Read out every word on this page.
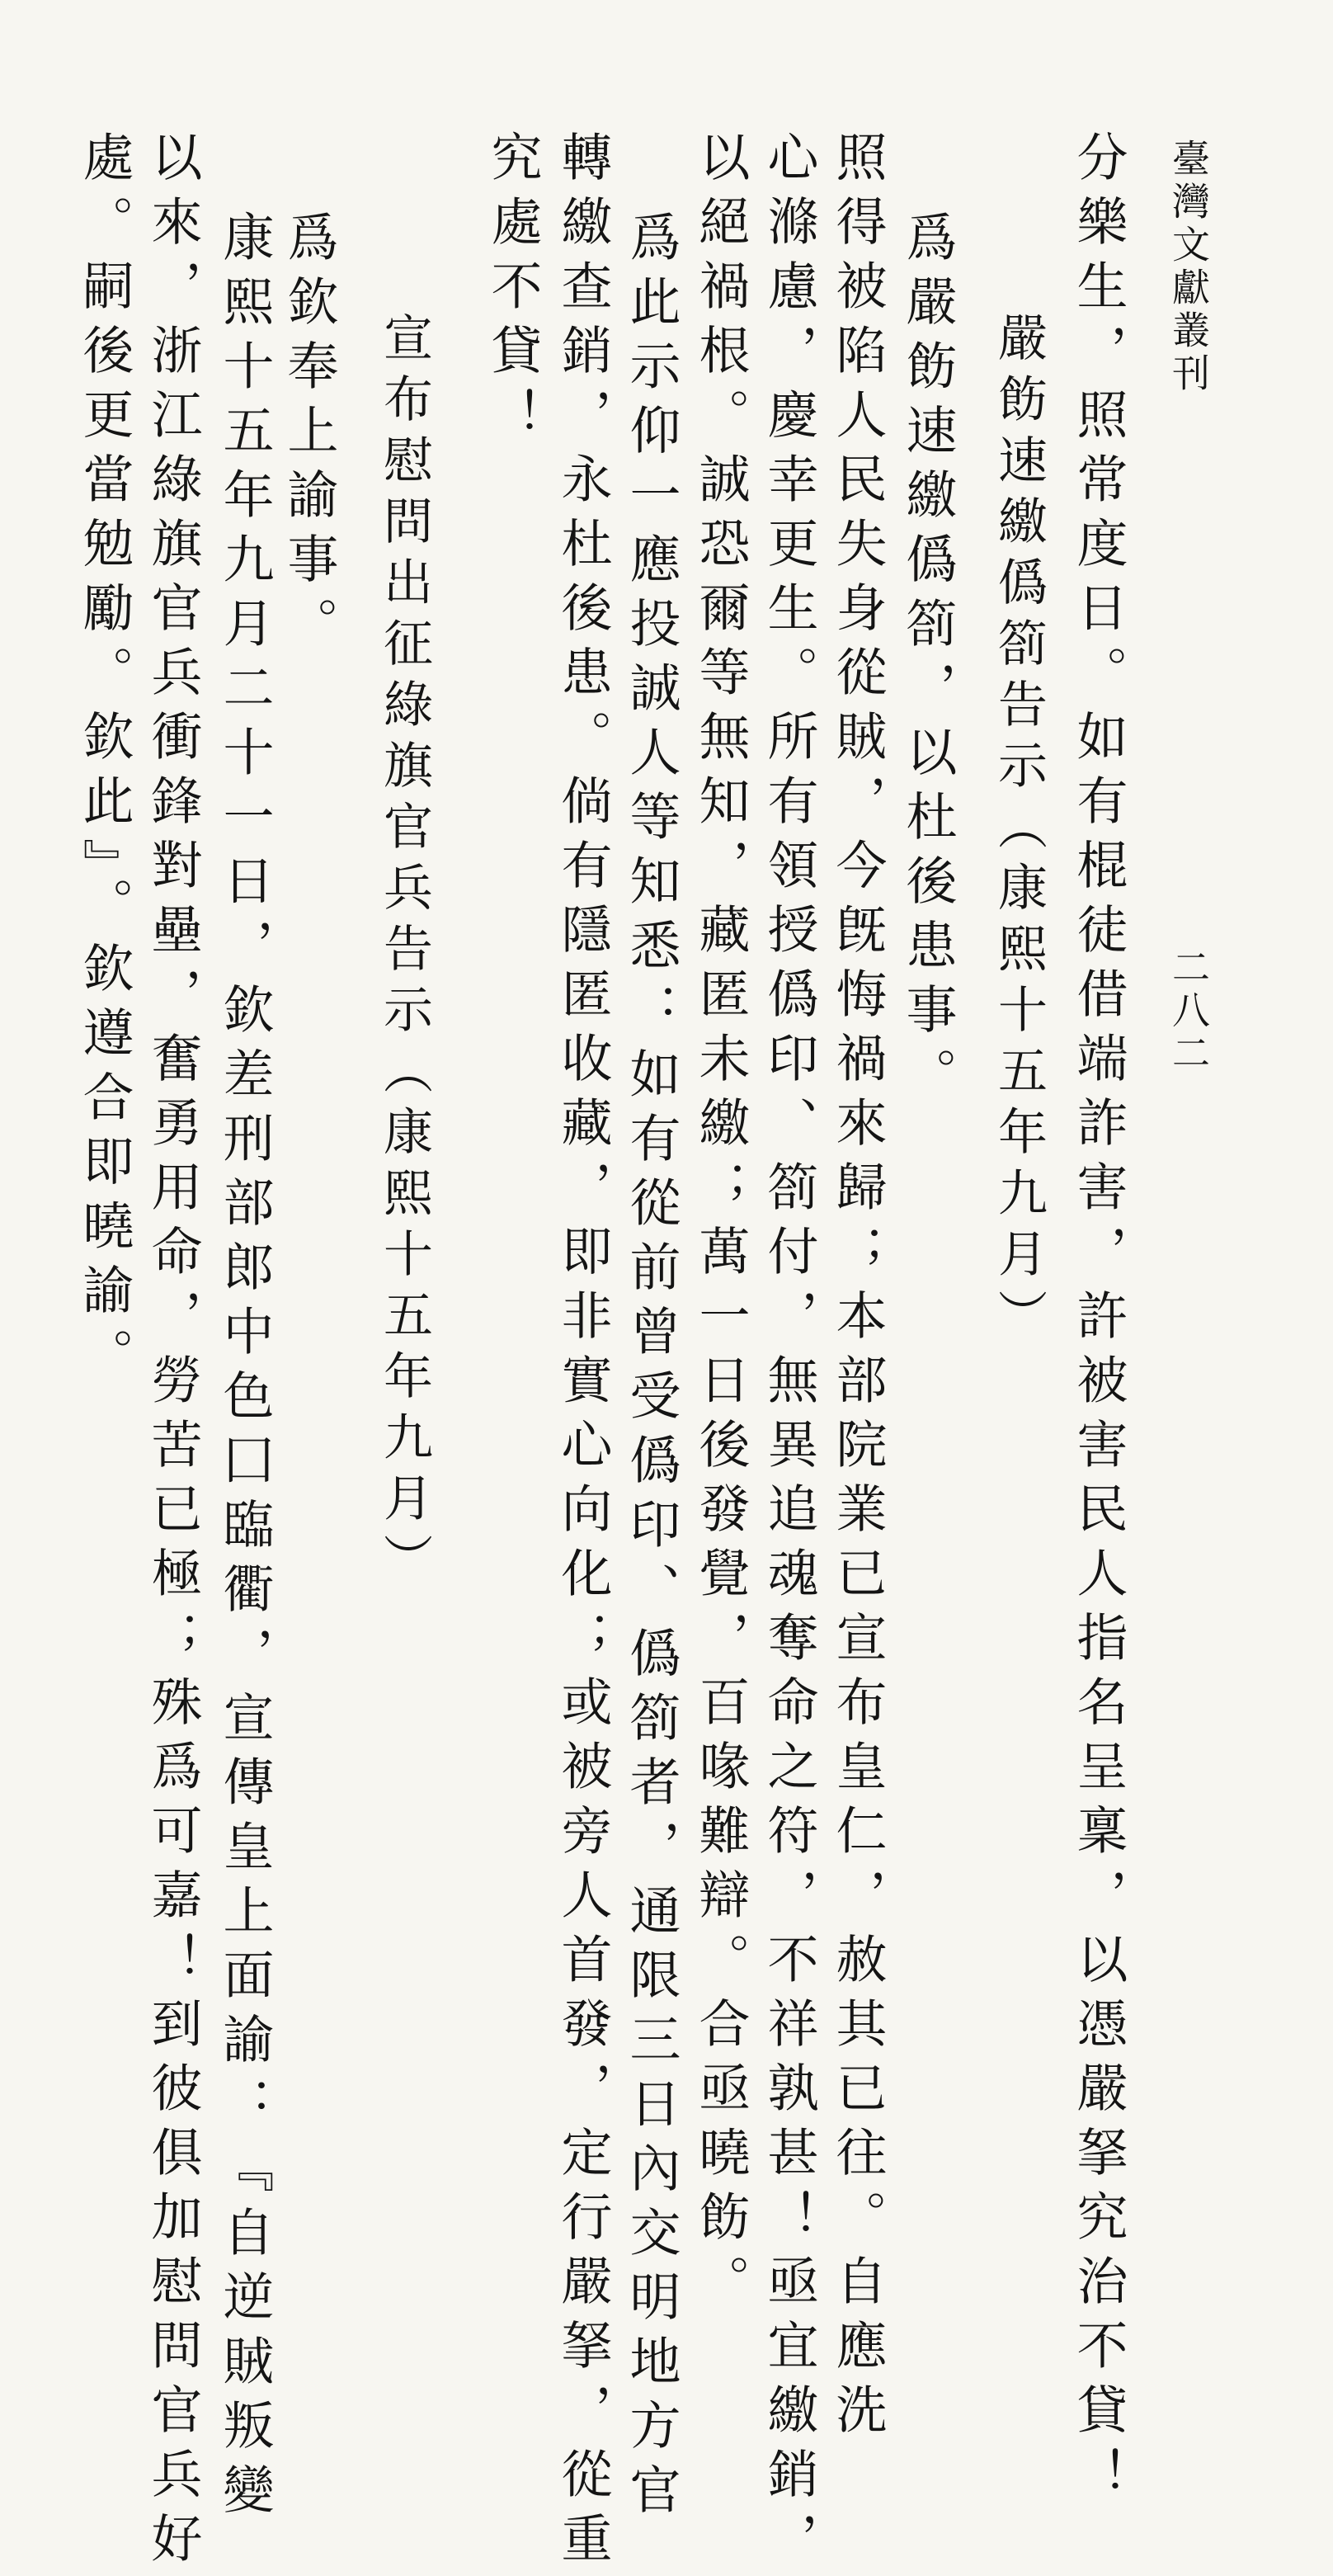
臺灣文獻叢刊
二八二
分樂生，照常度日。如有棍徒借端詐害，許被害民人指名呈稟，以憑嚴拏究治不貸！
嚴飭速繳僞箚告示（康熙十五年九月）
爲嚴飭速繳僞箚，以杜後患事。
照得被陷人民失身從賊，今旣悔禍來歸；本部院業已宣布皇仁，赦其已往。自應洗
心滌慮，慶幸更生。所有領授僞印、箚付，無異追魂奪命之符，不祥孰甚！亟宜繳銷，
以絕禍根。誠恐爾等無知，藏匿未繳；萬一日後發覺，百喙難辯。合亟曉飭。
爲此示仰一應投誠人等知悉：如有從前曾受僞印、僞箚者，通限三日內交明地方官
轉繳查銷，永杜後患。倘有隱匿收藏，即非實心向化；或被旁人首發，定行嚴拏，從重
究處不貸！
宣布慰問出征綠旗官兵告示（康熙十五年九月）
爲欽奉上諭事。
康熙十五年九月二十一日，欽差刑部郎中色囗臨衢，宣傳皇上面諭：『自逆賊叛變
以來，浙江綠旗官兵衝鋒對壘，奮勇用命，勞苦已極；殊爲可嘉！到彼俱加慰問官兵好
處。嗣後更當勉勵。欽此』。欽遵合即曉諭。
